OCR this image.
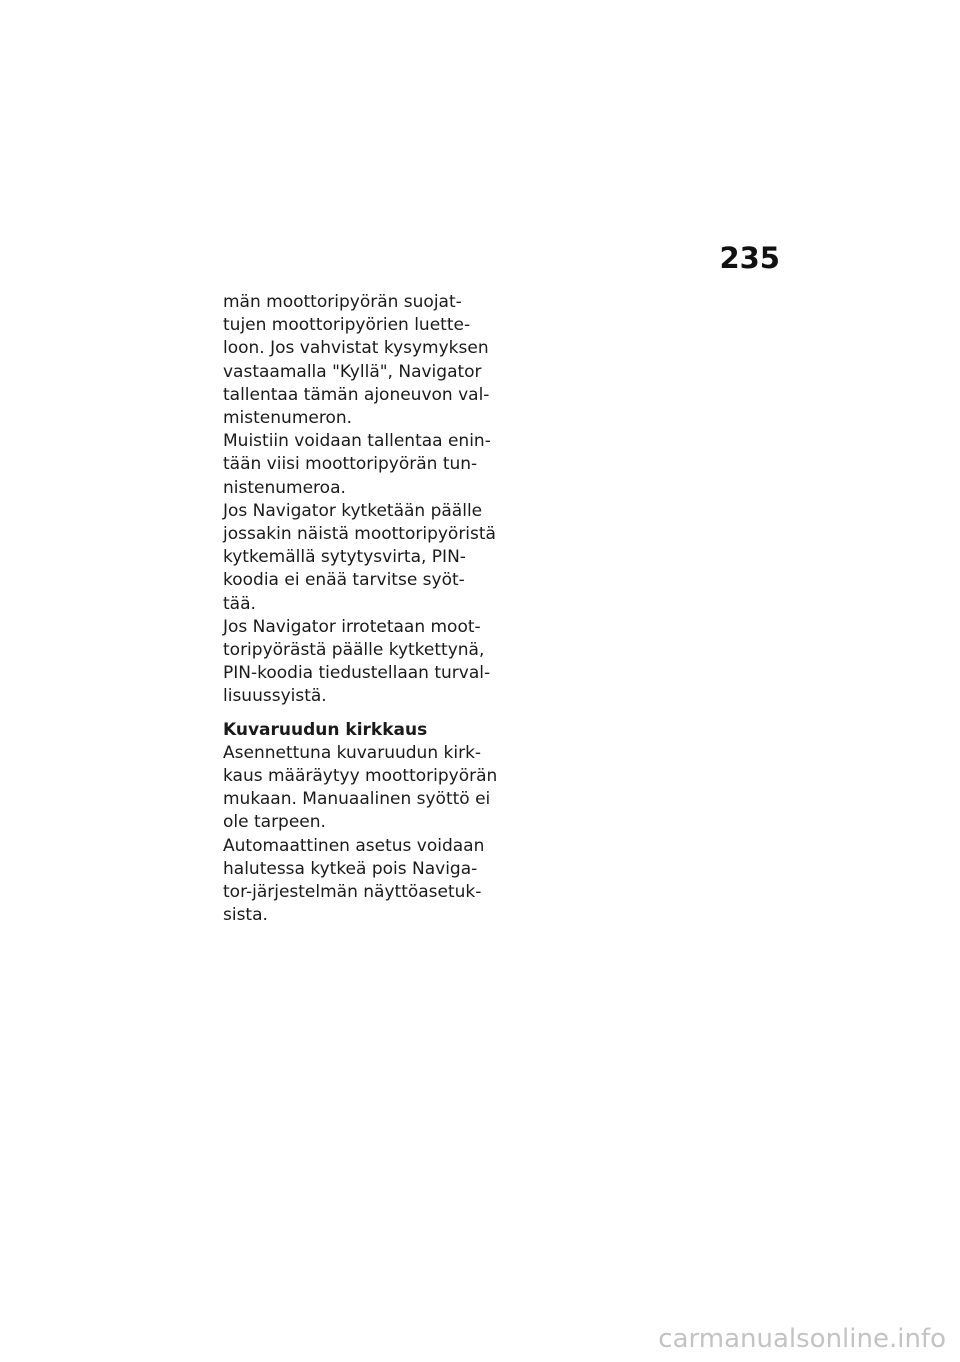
235
män moottoripyörän suojat-
tujen moottoripyörien luette-
loon. Jos vahvistat kysymyksen
vastaamalla "Kyllä", Navigator
tallentaa tämän ajoneuvon val-
mistenumeron.
Muistiin voidaan tallentaa enin-
tään viisi moottoripyörän tun-
nistenumeroa.
Jos Navigator kytketään päälle
jossakin näistä moottoripyöristä
kytkemällä sytytysvirta, PIN-
koodia ei enää tarvitse syöt-
tää.
Jos Navigator irrotetaan moot-
toripyörästä päälle kytkettynä,
PIN-koodia tiedustellaan turval-
lisuussyistä.
Kuvaruudun kirkkaus
Asennettuna kuvaruudun kirk-
kaus määräytyy moottoripyörän
mukaan. Manuaalinen syöttö ei
ole tarpeen.
Automaattinen asetus voidaan
halutessa kytkeä pois Naviga-
tor-järjestelmän näyttöasetuk-
sista.
carmanualsonline.info
